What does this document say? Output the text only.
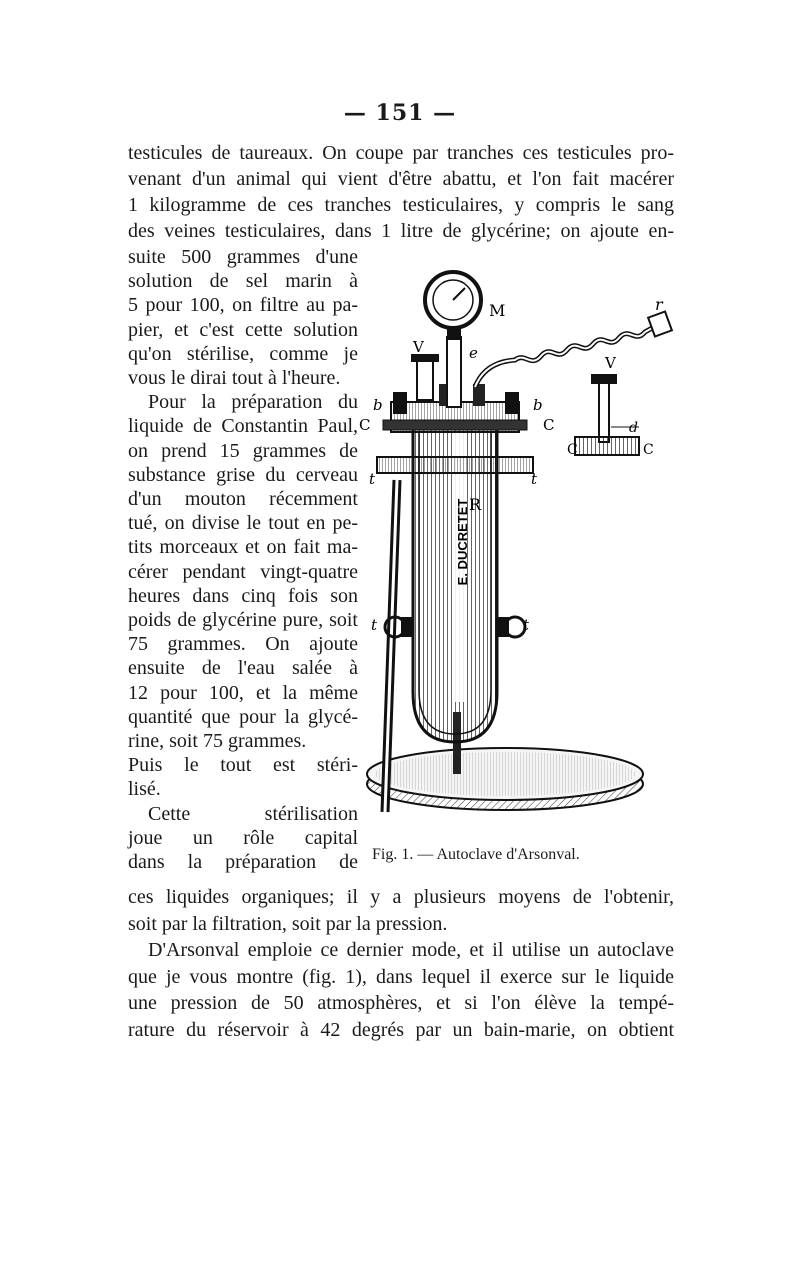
— 151 —
testicules de taureaux. On coupe par tranches ces testicules pro-
venant d'un animal qui vient d'être abattu, et l'on fait macérer
1 kilogramme de ces tranches testiculaires, y compris le sang
des veines testiculaires, dans 1 litre de glycérine; on ajoute en-
suite 500 grammes d'une
solution de sel marin à
5 pour 100, on filtre au pa-
pier, et c'est cette solution
qu'on stérilise, comme je
vous le dirai tout à l'heure.
Pour la préparation du
liquide de Constantin Paul,
on prend 15 grammes de
substance grise du cerveau
d'un mouton récemment
tué, on divise le tout en pe-
tits morceaux et on fait ma-
cérer pendant vingt-quatre
heures dans cinq fois son
poids de glycérine pure, soit
75 grammes. On ajoute
ensuite de l'eau salée à
12 pour 100, et la même
quantité que pour la glycé-
rine, soit 75 grammes.
Puis le tout est stéri-
lisé.
Cette stérilisation
joue un rôle capital
dans la préparation de
ces liquides organiques; il y a plusieurs moyens de l'obtenir,
soit par la filtration, soit par la pression.
D'Arsonval emploie ce dernier mode, et il utilise un autoclave
que je vous montre (fig. 1), dans lequel il exerce sur le liquide
une pression de 50 atmosphères, et si l'on élève la tempé-
rature du réservoir à 42 degrés par un bain-marie, on obtient
E. DUCRETET
M	r
V	e
V
b	b
C	C
C	C
d
t	t
R
t	t
Fig. 1. — Autoclave d'Arsonval.
